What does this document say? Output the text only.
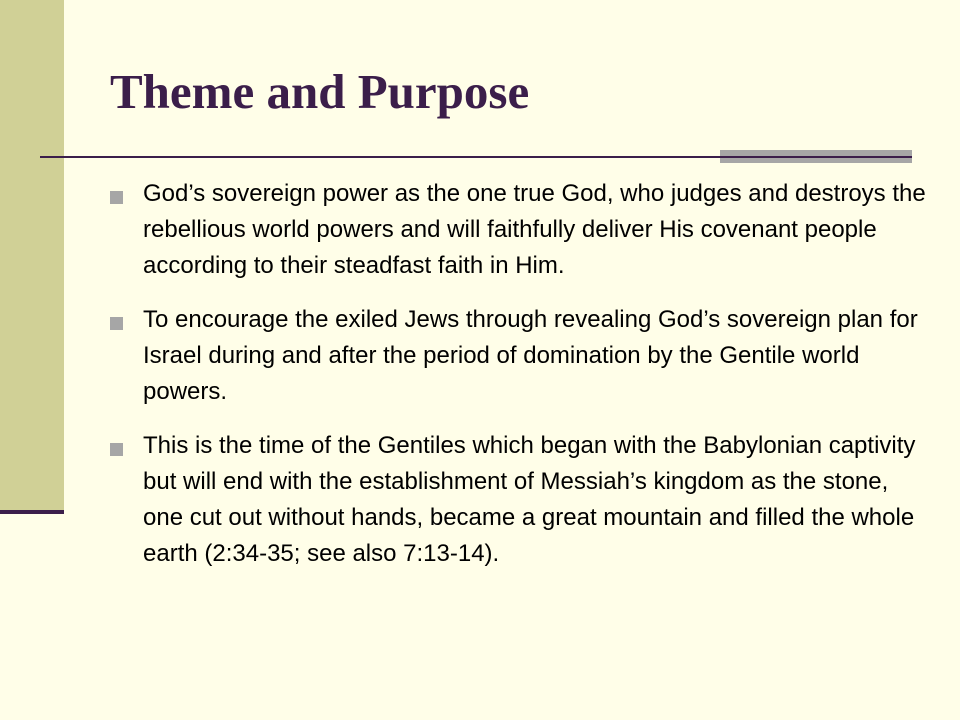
Theme and Purpose
God’s sovereign power as the one true God, who judges and destroys the rebellious world powers and will faithfully deliver His covenant people according to their steadfast faith in Him.
To encourage the exiled Jews through revealing God’s sovereign plan for Israel during and after the period of domination by the Gentile world powers.
This is the time of the Gentiles which began with the Babylonian captivity but will end with the establishment of Messiah’s kingdom as the stone, one cut out without hands, became a great mountain and filled the whole earth (2:34-35; see also 7:13-14).
